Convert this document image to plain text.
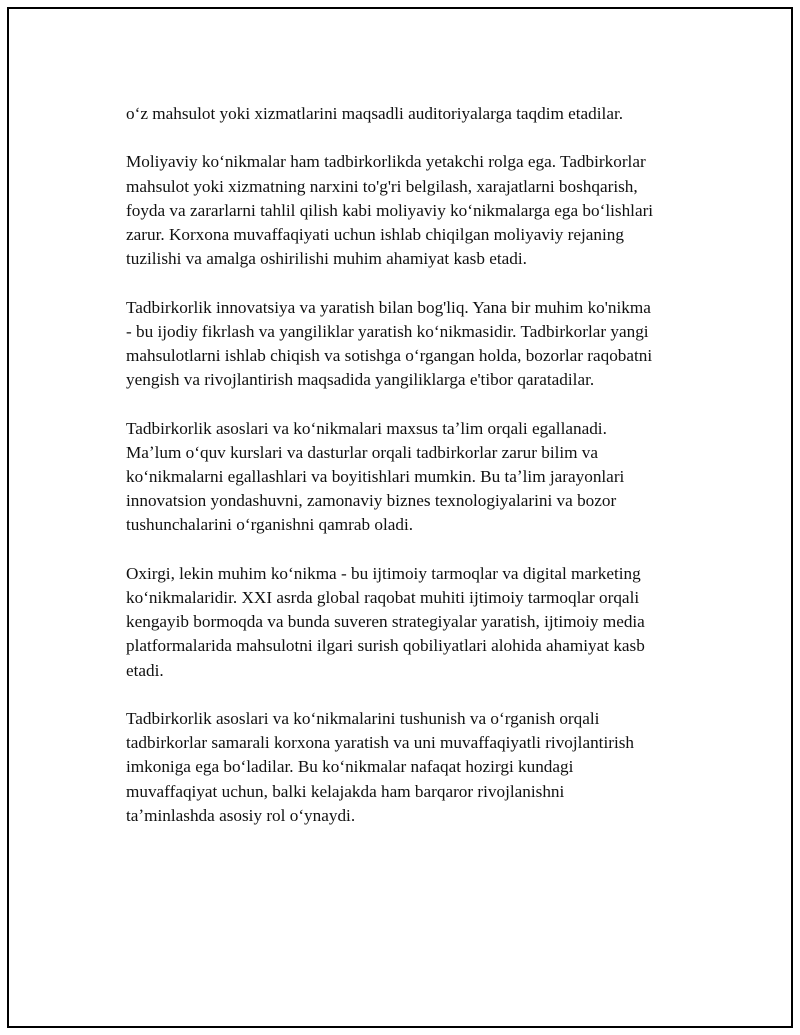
oʻz mahsulot yoki xizmatlarini maqsadli auditoriyalarga taqdim etadilar.

Moliyaviy koʻnikmalar ham tadbirkorlikda yetakchi rolga ega. Tadbirkorlar
mahsulot yoki xizmatning narxini to'g'ri belgilash, xarajatlarni boshqarish,
foyda va zararlarni tahlil qilish kabi moliyaviy koʻnikmalarga ega boʻlishlari
zarur. Korxona muvaffaqiyati uchun ishlab chiqilgan moliyaviy rejaning
tuzilishi va amalga oshirilishi muhim ahamiyat kasb etadi.

Tadbirkorlik innovatsiya va yaratish bilan bog'liq. Yana bir muhim ko'nikma
- bu ijodiy fikrlash va yangiliklar yaratish koʻnikmasidir. Tadbirkorlar yangi
mahsulotlarni ishlab chiqish va sotishga oʻrgangan holda, bozorlar raqobatni
yengish va rivojlantirish maqsadida yangiliklarga e'tibor qaratadilar.

Tadbirkorlik asoslari va koʻnikmalari maxsus taʼlim orqali egallanadi.
Maʼlum oʻquv kurslari va dasturlar orqali tadbirkorlar zarur bilim va
koʻnikmalarni egallashlari va boyitishlari mumkin. Bu taʼlim jarayonlari
innovatsion yondashuvni, zamonaviy biznes texnologiyalarini va bozor
tushunchalarini oʻrganishni qamrab oladi.

Oxirgi, lekin muhim koʻnikma - bu ijtimoiy tarmoqlar va digital marketing
koʻnikmalaridir. XXI asrda global raqobat muhiti ijtimoiy tarmoqlar orqali
kengayib bormoqda va bunda suveren strategiyalar yaratish, ijtimoiy media
platformalarida mahsulotni ilgari surish qobiliyatlari alohida ahamiyat kasb
etadi.

Tadbirkorlik asoslari va koʻnikmalarini tushunish va oʻrganish orqali
tadbirkorlar samarali korxona yaratish va uni muvaffaqiyatli rivojlantirish
imkoniga ega boʻladilar. Bu koʻnikmalar nafaqat hozirgi kundagi
muvaffaqiyat uchun, balki kelajakda ham barqaror rivojlanishni
taʼminlashda asosiy rol oʻynaydi.
